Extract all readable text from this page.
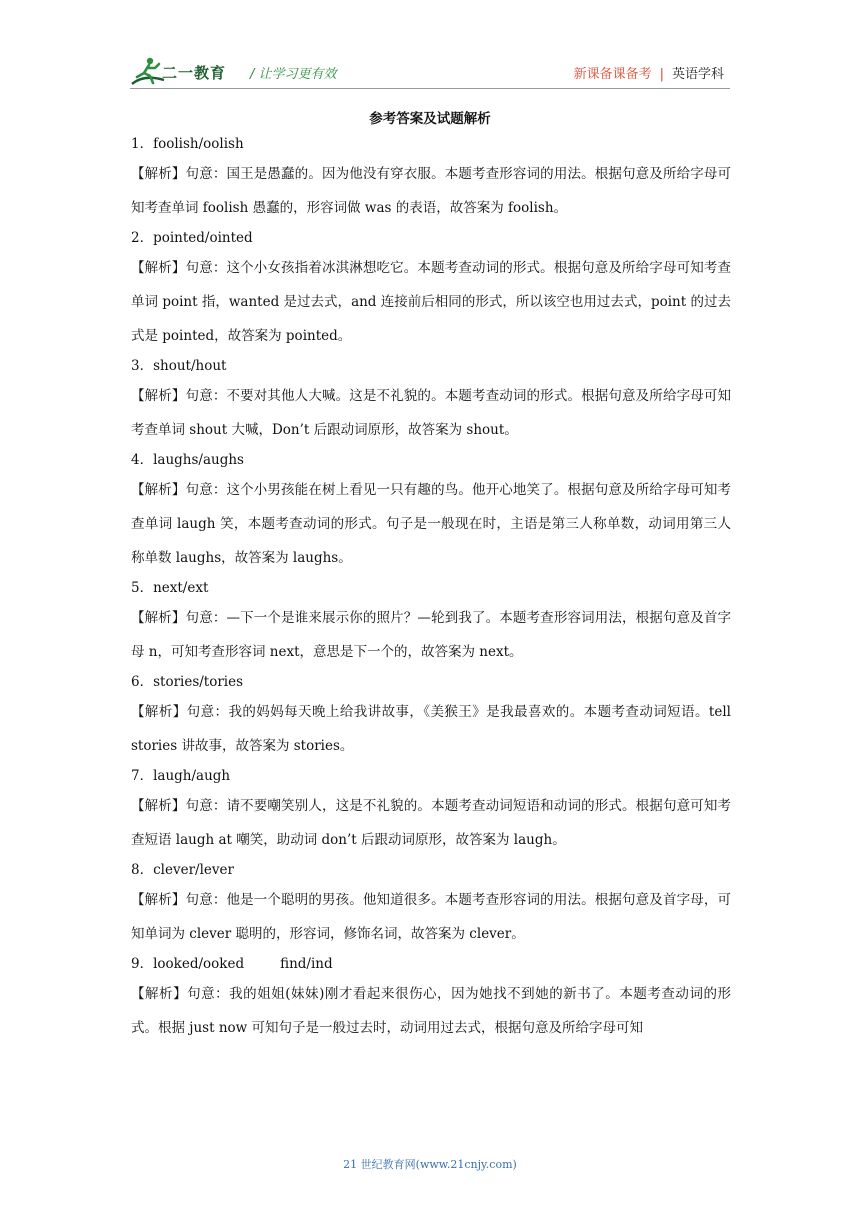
二一教育 / 让学习更有效	新课备课备考 | 英语学科
参考答案及试题解析

1．foolish/oolish

【解析】句意：国王是愚蠢的。因为他没有穿衣服。本题考查形容词的用法。根据句意及所给字母可知考查单词 foolish 愚蠢的，形容词做 was 的表语，故答案为 foolish。

2．pointed/ointed

【解析】句意：这个小女孩指着冰淇淋想吃它。本题考查动词的形式。根据句意及所给字母可知考查单词 point 指，wanted 是过去式，and 连接前后相同的形式，所以该空也用过去式，point 的过去式是 pointed，故答案为 pointed。

3．shout/hout

【解析】句意：不要对其他人大喊。这是不礼貌的。本题考查动词的形式。根据句意及所给字母可知考查单词 shout 大喊，Don’t 后跟动词原形，故答案为 shout。

4．laughs/aughs

【解析】句意：这个小男孩能在树上看见一只有趣的鸟。他开心地笑了。根据句意及所给字母可知考查单词 laugh 笑，本题考查动词的形式。句子是一般现在时，主语是第三人称单数，动词用第三人称单数 laughs，故答案为 laughs。

5．next/ext

【解析】句意：—下一个是谁来展示你的照片？—轮到我了。本题考查形容词用法，根据句意及首字母 n，可知考查形容词 next，意思是下一个的，故答案为 next。

6．stories/tories

【解析】句意：我的妈妈每天晚上给我讲故事，《美猴王》是我最喜欢的。本题考查动词短语。tell stories 讲故事，故答案为 stories。

7．laugh/augh

【解析】句意：请不要嘲笑别人，这是不礼貌的。本题考查动词短语和动词的形式。根据句意可知考查短语 laugh at 嘲笑，助动词 don’t 后跟动词原形，故答案为 laugh。

8．clever/lever

【解析】句意：他是一个聪明的男孩。他知道很多。本题考查形容词的用法。根据句意及首字母，可知单词为 clever 聪明的，形容词，修饰名词，故答案为 clever。

9．looked/ooked	find/ind

【解析】句意：我的姐姐(妹妹)刚才看起来很伤心，因为她找不到她的新书了。本题考查动词的形式。根据 just now 可知句子是一般过去时，动词用过去式，根据句意及所给字母可知

21 世纪教育网(www.21cnjy.com)
